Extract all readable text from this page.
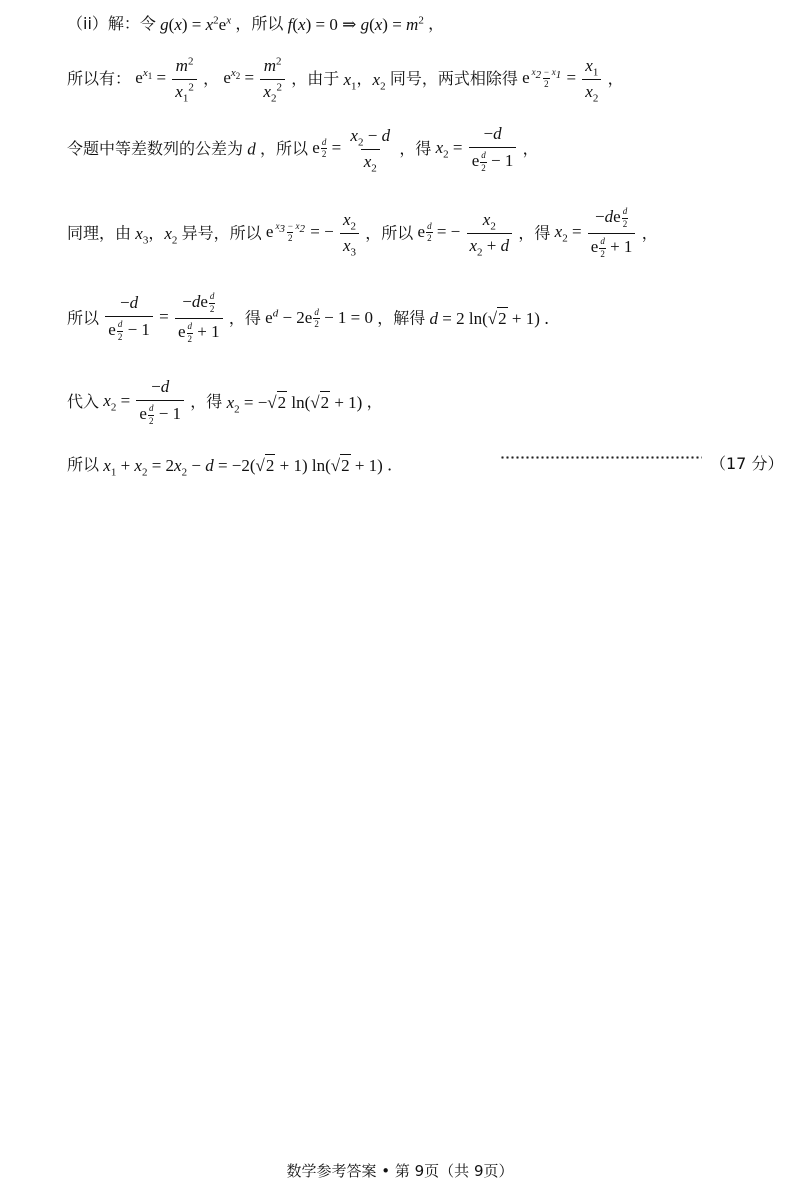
（ii）解：令 $g(x) = x^2e^x$ ，所以 f(x) = 0 ⇒ $g(x) = m^2$ ，
所以有： $e^{x_1} = \frac{m^2}{x_1^2}$ ， $e^{x_2} = \frac{m^2}{x_2^2}$ ，由于 $x_1$，$x_2$ 同号，两式相除得 e $\frac{x_2 - x_1}{2} = \frac{x_1}{x_2}$ ，
令题中等差数列的公差为 d ，所以 e $\frac{d}{2} = \frac{x_2 - d}{x_2}$ ，得 $x_2 = \frac{-d}{e \frac{d}{2} - 1}$ ，
同理，由 $x_3$，$x_2$ 异号，所以 e $\frac{x_3 - x_2}{2}$ = − $\frac{x_2}{x_3}$ ，所以 e $\frac{d}{2}$ = − $\frac{x_2}{x_2 + d}$ ，得 $x_2 = \frac{-de \frac{d}{2}}{e \frac{d}{2} + 1}$ ，
所以 $\frac{-d}{e \frac{d}{2} - 1} = \frac{-de \frac{d}{2}}{e \frac{d}{2} + 1}$ ，得 $e^d - 2e \frac{d}{2} - 1 = 0$ ，解得 d = 2 ln(√2 + 1) ．
代入 $x_2 = \frac{-d}{e \frac{d}{2} - 1}$ ，得 $x_2 = -√2$ ln(√2 + 1) ，
所以 $x_1 + x_2 = 2x_2 - d = -2(√2 + 1) \ln(√2 + 1)$ ．	（17 分）
数学参考答案 • 第 9页（共 9页）
